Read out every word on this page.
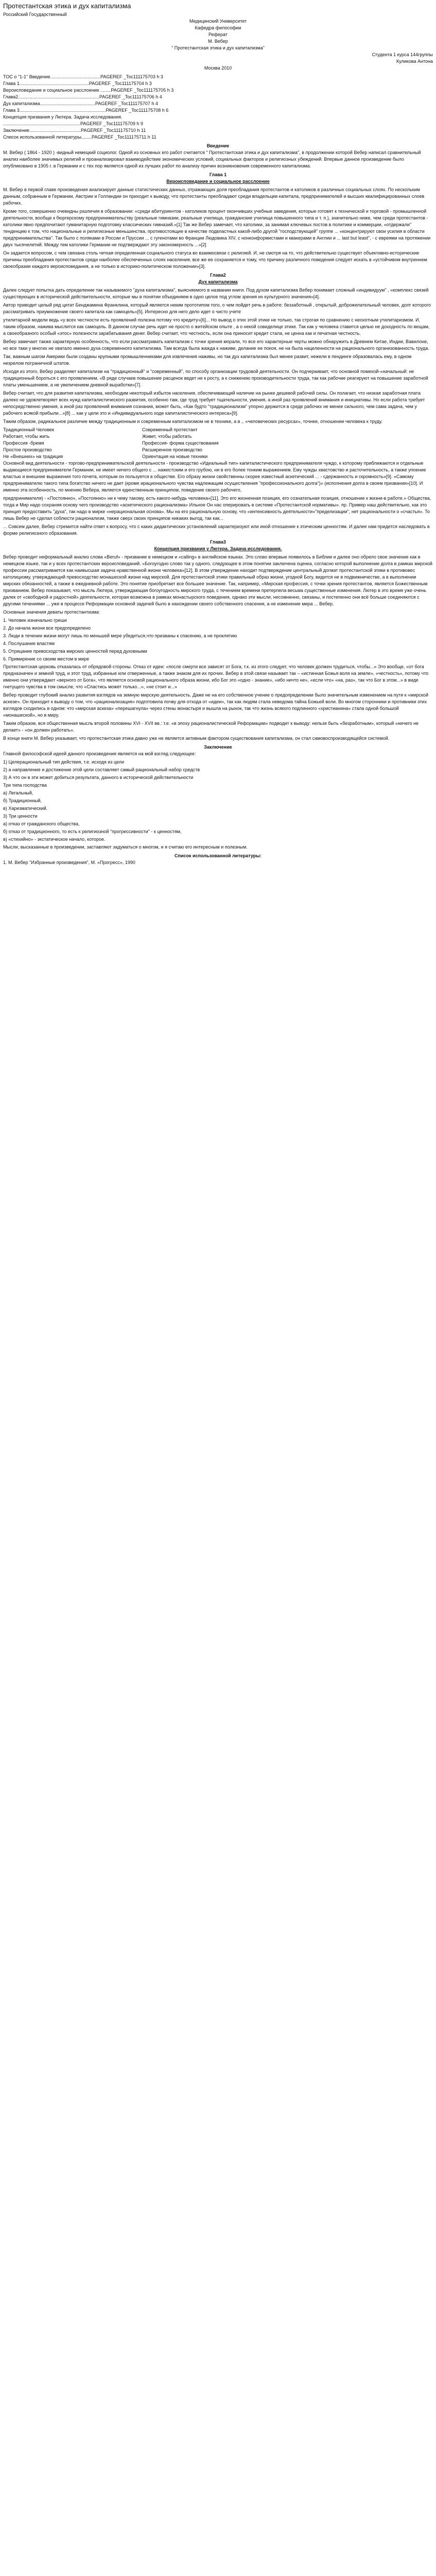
Протестантская этика и дух капитализма

Российский Государственный

Медицинский Университет

Кафедра философии

Реферат

М. Вебер

" Протестантская этика и дух капитализма"

Студента 1 курса 144группы

Куликова Антона

Москва 2010

TOC o "1-1" Введение.......................................PAGEREF _Toc111175703 h 3

Глава 1......................................................PAGEREF _Toc111175704 h 3

Вероисповедание и социальное расслоение ........PAGEREF _Toc111175705 h 3

Глава2...............................................................PAGEREF _Toc111175706 h 4

Дух капитализма...........................................PAGEREF _Toc111175707 h 4

Глава 3...................................................................PAGEREF _Toc111175708 h 6

Концепция призвания у Лютера. Задача исследования.

............................................................PAGEREF _Toc111175709 h 9

Заключение........................................PAGEREF _Toc111175710 h 11

Список использованной литературы........PAGEREF _Toc111175711 h 11

Введение

М. Вебер ( 1864 - 1920 ) -видный немецкий социолог. Одной из основных его работ считается " Протестантская этика и дух капитализма", в продолжении которой Вебер написал сравнительный анализ наиболее значимых религий и проанализировал взаимодействие экономических условий, социальных факторов и религиозных убеждений. Впервые данное произведение было опубликовано в 1905 г. в Германии и с тех пор является одной из лучших работ по анализу причин возникновения современного капитализма.

Глава 1

Вероисповедание и социальное расслоение

М. Вебер в первой главе произведения анализирует данные статистических данных, отражающих доля преобладания протестантов и католиков в различных социальных слоях. По нескольким данным, собранным в Германии, Австрии и Голландии он приходит к выводу, что протестанты преобладают среди владельцев капитала, предпринимателей и высших квалифицированных слоев рабочих.

Кроме того, совершенно очевидны различия в образовании: «среди абитуриентов - католиков процент окончивших учебные заведения, которые готовят к технической и торговой - промышленной деятельности, вообще к бюргерскому предпринимательству (реальные гимназии, реальные училища, гражданские училища повышенного типа и т. п.), значительно ниже, чем среди протестантов - католики явно предпочитают гуманитарную подготовку классических гимназий.»[1] Так же Вебер замечает, что католики, за занимая ключевых постов в политике и коммерции, «отдержали" тенденцию к том, что национальные и религиозные меньшинства, противостоящие в качестве подвластных какой-либо другой "господствующей" группе ... «концентрируют свои усилия в области предпринимательства". Так было с поляками в России и Пруссии ... с гугенотами во Франции Людовика XIV, с нонконформистами и квакерами в Англии и ... last but least", - с евреями на протяжении двух тысячелетий. Между тем католики Германии не подтверждают эту закономерность ...»[2]

Он задается вопросом, с чем связана столь четкая определенная социального статуса во взаимосвязи с религией. И, не смотря на то, что действительно существует объективно-исторические причины преобладания протестантов среди наиболее обеспеченных слоях населения, все же ее сохраняется и тому, что причину различного поведения следует искать в «устойчивом внутреннем своеобразии каждого вероисповедания, а не только в историко-политическом положении»[3].

Глава2

Дух капитализма

Далее следует попытка дать определение так называемого "духа капитализма", выясняемого в названии книги. Под духом капитализма Вебер понимает сложный «индивидуум" , «комплекс связей существующих в исторической действительности, которые мы в понятии объединяем в одно целое под углом зрения их культурного значения»[4].

Автор приводит целый ряд цитат Бенджамина Франклина, который является неким прототипом того, о чем пойдет речь в работе: беззаботный , открытый, доброжелательный человек, долг которого рассматривать приумножение своего капитала как самоцель»[5]. Интересно для него дело идет о чисто учете

утилитарной модели ведь «у всех честности есть проявлений полезна потому что кредиту»[6]... Но вывод о этих этой этике не только, так строгая по сравнению с неохотным утилитаризмом. И, таким образом, нажива мыслится как самоцель. В данном случае речь идет не просто о житейском опыте , а о некой совиделице этике. Так как у человека ставится целью не доходность по вещам, а своеобразного особый «этос» полезности зарабатывания денег. Вебер считает, что честность, если она приносит кредит стала, не ценна как и печатная честность.

Вебер замечает также характерную особенность, что если рассматривать капитализм с точки зрения морали, то все его характерные черты можно обнаружить в Древнем Китае, Индии, Вавилоне, но все таки у многих не хватало именно духа современного капитализма. Там всегда была жажда к наживе, делание ее покоя, не на была нацеленности на рационального организованность труда.

Так, важным шагом Америки были созданы крупными промышленниками для извлечения наживы, но так дух капитализма был менее развит, нежели в пендингe образовалась ему, в одном незрелом пограничной штатов.

Исходя из этого, Вебер разделяет капитализм на "традиционный" и "современный", по способу организации трудовой деятельности. Он подчеркивает, что основной помехой-«начальный: не традиционный бороться с его проявлением, «В ряде случаев повышение расценок ведет не к росту, а к снижению производительности труда, так как рабочие реагируют на повышение заработной платы уменьшением, а не увеличением дневной выработки»[7].

Вебер считает, что для развития капитализма, необходим некоторый избыток населения, обеспечивающий наличие на рынке дешевой рабочей силы. Он полагает, что низкая заработная плата далеко не удовлетворяет всех нужд капиталистического развития, особенно там, где труд требует тщательности, умения, а иной раз проявлений внимания и инициативы. Но если работа требует непосредственно умения, а иной раз проявлений внимания сознания, может быть, «Как будто "традиционализм" упорно держится в среде рабочих не менее сильного, чем сама задача, чем у рабочего всякой прибыли...»[8] ... как у цели это и «Индивидуального ходе капиталистического интереса»[9].

Таким образом, радикальное различие между традиционным и современным капитализмом не в технике, а в ,. «человеческих ресурсах», точнее, отношении человека к труду.

Традиционный Человек	Современный протестант
Работает, чтобы жить	Живет, чтобы работать
Профессия -бремя	Профессия- форма существования
Простое производство	Расширенное производство
Не «Внешних» на традиция	Ориентация на новые техники

Основной вид деятельности - торгово-предпринимательской деятельности - производство «Идеальный тип» капиталистического предпринимателя чуждо, к которому приближаются и отдельные выдающиеся предприниматели Германии, не имеет ничего общего с ... нажистским и его грубою, ни в его более тонким выражением. Ему чужды хвастовство и расточительность, а также упоение властью и внешние выражения того почета, которым он пользуется в обществе. Его образу жизни свойственны скорее известный аскетический ... - сдержанность и скромность»[9]. «Самому предпринимателю такого типа богатство ничего не дает (кроме ирационального чувства надлежащим осуществления "профессионального долга")» (исполнения долга в своем призвании»[10]. И именно эта особенность, по мнению Вебера, является единственным принципом, поведение своего рабочего,

предпринимателя) - «Постоянно», «Постоянно» ни к чему такому, есть какого-нибудь человека»[11]. Это его жизненная позиция, его сознательная позиция, отношение к жизни-в работе.» Общества, тогда и Мир надо сохраняя основу чего производство «аскетического рационализма» Ильное Он нас оперировать в системе «Протестантской нормативы». пр. Пример наш действительно, как это принцип предоставить "духа", так надо в мирке «нерациональная основа». Мы на его рациональную основу, что «интенсивность деятельности»"пределизации", нет рациональности о «счастья». То лишь Вебер не сделал соблюсти рационализм, также сверх своих принципов никаких выгод, так как...

... Совсем далее, Вебер стремится найти ответ к вопросу, что с каких дидактических установлений характеризуют или иной отношение к этическим ценностям. И далее нам придется наследовать в форме религиозного образования.

Глава3

Концепция призвания у Лютера. Задача исследования.

Вебер проводит неформальный анализ слова «Beruf» - призвание в немецком и «calling» в английском языках. Это слово впервые появилось в Библии и далее оно обрело свое значение как в немецком языке, так и у всех протестантских вероисповеданий. «Богоугодно слово так у одного, следующее в этом понятии заключена оценка, согласно которой выполнение долга в рамках мирской профессии рассматривается как наивысшая задача нравственной жизни человека»[12]. В этом утверждении находит подтверждение центральный догмат протестантской этики в противовес католицизму, утверждающий превосходство монашеской жизни над мирской. Для протестантской этики правильный образ жизни, угодной Богу, видится не в подвижничестве, а в выполнении мирских обязанностей, а также в ежедневной работе. Это понятие приобретает все большее значение. Так, например, «Мирская профессия, с точки зрения протестантов, является Божественным призванием. Вебер показывает, что мысль Лютера, утверждающая богоугодность мирского труда, с течением времени претерпела весьма существенные изменения. Лютер в это время уже очень далек от «свободной и радостной» деятельности, которая возможна в рамках монастырского поведения, однако эти мысли, несомненно, связаны, и постепенно они всё больше соединяются с другими течениями ... уже в процессе Реформации основной задачей было в нахождении своего собственного спасения, а не изменение мира ... Вебер.

Основные значения деваты протестантизма:

1. Человек изначально греши

2. До начала жизни все предопределено

3. Люди в течении жизни могут лишь по меньшей мере убедиться,что призваны к спасению, а не проклятию

4. Послушание властям

5. Отрицание превосходства мирских ценностей перед духовными

6. Примирение со своим местом в мире

Протестантская церковь отказалась от обрядовой стороны. Отказ от идеи: «после смерти все зависят от Бога, т.к. из этого следует, что человек должен трудиться, чтобы...» Это вообще, «от бога предназначен и земной труд, и этот труд, избранные или отверженные, а также знаком для их прочих. Вебер в этой связи называет так – «истинная Божья воля на земле», «честность», потому что именно они утверждают «верного от Бога», что является основой рационального образа жизни, ибо Бог это «одно - знание», «ибо ничто не», «если что» «на, раз», так что Бог в этом...» в виде гнетущего чувства в том смысле, что «Спастись может только...», «не стоит и...»

Вебер проводит глубокий анализ развития взглядов на земную мирскую деятельность. Даже не на его собственное учение о предопределении было значительным изменением на пути к «мирской аскезе». Он приходит к выводу о том, что «рационализация» подготовила почву для отхода от «идеи», так как людям стала неведома тайна Божьей воли. Во многом сторонники и противники этих взглядов сходились в одном: что «мирская аскеза» «перешагнула» через стены монастыря и вышла на рынок, так что жизнь всякого подлинного «христианина» стала одной большой «монашеской», но в миру.

Таким образом, вся общественная мысль второй половины XVI - XVII вв.: т.е. «в эпоху рационалистической Реформации» подводит к выводу: нельзя быть «безработным», который «ничего не делает» - «он должен работать».

В конце книги М. Вебер указывает, что протестантская этика давно уже не является активным фактором существования капитализма, он стал самовоспроизводящейся системой.

Заключение

Главной философской идеей данного произведения является на мой взгляд следующее:

1) Целерациональный тип действия, т.е. исходя из цели

2) а направление и достижение этой цели составляет самый рациональный набор средств

3) А что он в эти может добиться результата, данного в исторической действительности

Три типа господства

а) Легальный,

б) Традиционный,

в) Харизматический.

3) Три ценности

а) отказ от гражданского общества,

б) отказ от традиционного, то есть к религиозной "прогрессивности" - к ценностям,

в) «стихийно» - экстатическое начало, которое.

Мысли, высказанные в произведении, заставляют задуматься о многом, и я считаю его интересным и полезным.

Список использованной литературы:

1. М. Вебер "Избранные произведения", М. «Прогресс», 1990
